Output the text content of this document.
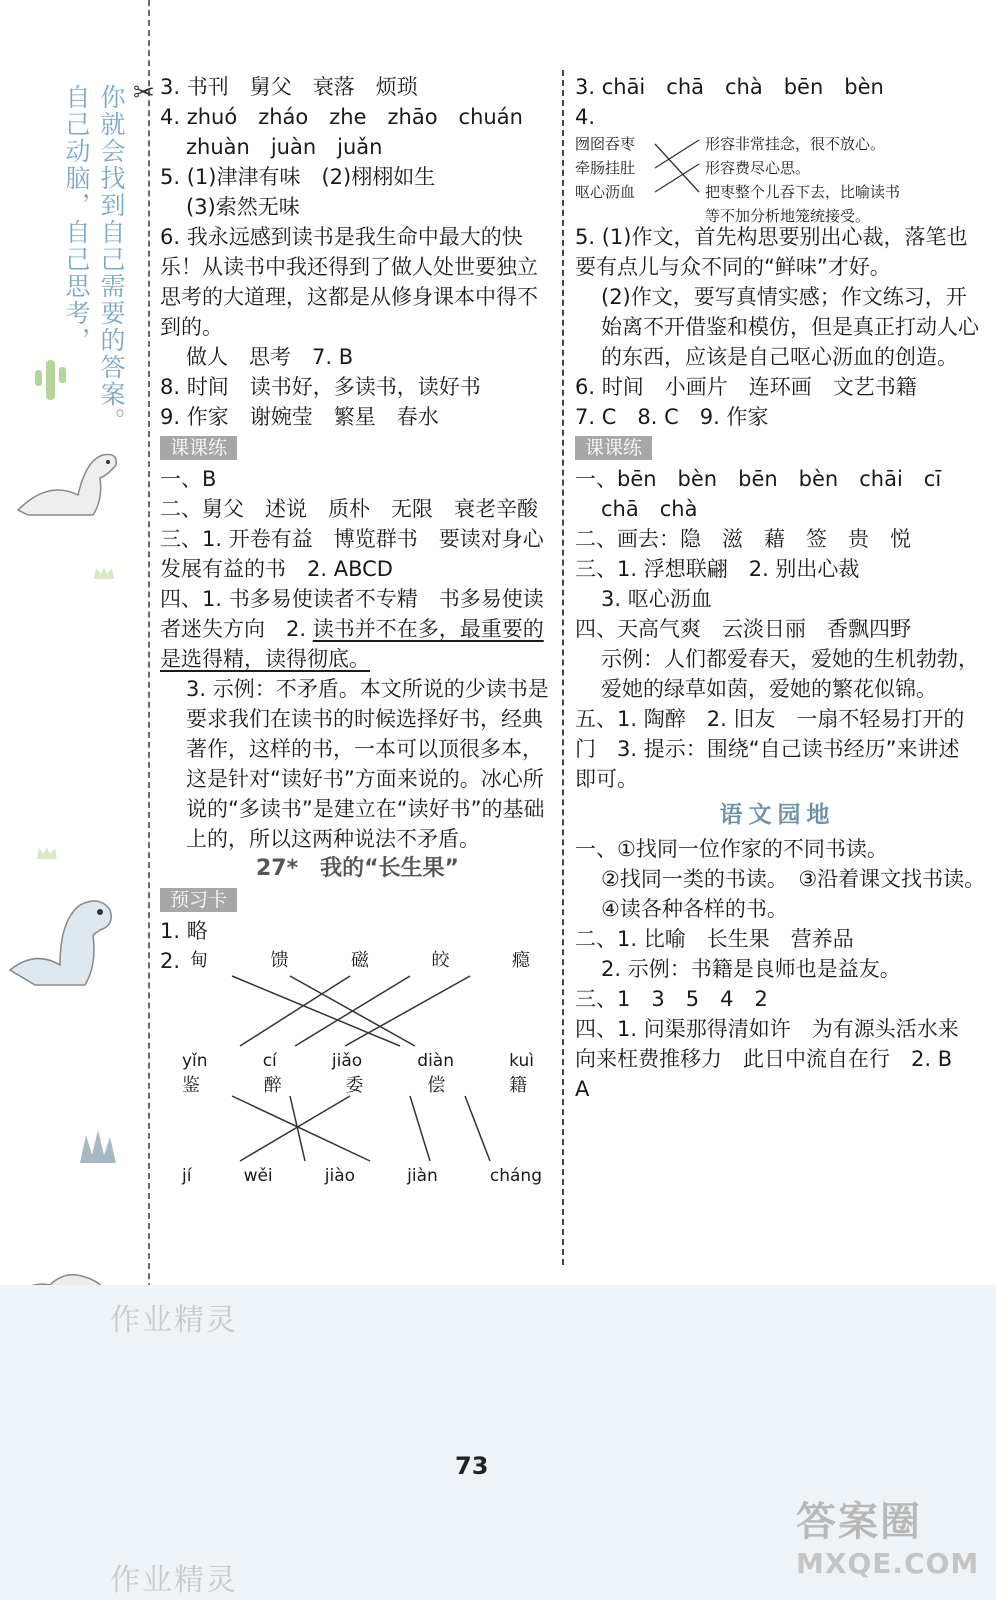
✂
你就会找到自己需要的答案。
自己动脑，自己思考，
作业精灵
作业精灵
3. 书刊　舅父　衰落　烦琐
4. zhuó　zháo　zhe　zhāo　chuán
zhuàn　juàn　juǎn
5. (1)津津有味　(2)栩栩如生
(3)索然无味
6. 我永远感到读书是我生命中最大的快乐！从读书中我还得到了做人处世要独立思考的大道理，这都是从修身课本中得不到的。
做人　思考　7. B
8. 时间　读书好，多读书，读好书
9. 作家　谢婉莹　繁星　春水
课课练
一、B
二、舅父　述说　质朴　无限　衰老辛酸
三、1. 开卷有益　博览群书　要读对身心发展有益的书　2. ABCD
四、1. 书多易使读者不专精　书多易使读者迷失方向　2. 读书并不在多，最重要的是选得精，读得彻底。
3. 示例：不矛盾。本文所说的少读书是要求我们在读书的时候选择好书，经典著作，这样的书，一本可以顶很多本，这是针对“读好书”方面来说的。冰心所说的“多读书”是建立在“读好书”的基础上的，所以这两种说法不矛盾。
27*　我的“长生果”
预习卡
1. 略
2. 甸	馈	磁	皎	瘾
yǐn	cí	jiǎo	diàn	kuì
鉴	醉	委	偿	籍
jí	wěi	jiào	jiàn	cháng
3. chāi　chā　chà　bēn　bèn
4.
囫囵吞枣
牵肠挂肚
呕心沥血
形容非常挂念，很不放心。
形容费尽心思。
把枣整个儿吞下去，比喻读书
等不加分析地笼统接受。
5. (1)作文，首先构思要别出心裁，落笔也要有点儿与众不同的“鲜味”才好。
(2)作文，要写真情实感；作文练习，开始离不开借鉴和模仿，但是真正打动人心的东西，应该是自己呕心沥血的创造。
6. 时间　小画片　连环画　文艺书籍
7. C　8. C　9. 作家
课课练
一、bēn　bèn　bēn　bèn　chāi　cī
chā　chà
二、画去：隐　滋　藉　签　贵　悦
三、1. 浮想联翩　2. 别出心裁
3. 呕心沥血
四、天高气爽　云淡日丽　香飘四野
示例：人们都爱春天，爱她的生机勃勃，爱她的绿草如茵，爱她的繁花似锦。
五、1. 陶醉　2. 旧友　一扇不轻易打开的门　3. 提示：围绕“自己读书经历”来讲述即可。
语文园地
一、①找同一位作家的不同书读。
②找同一类的书读。　③沿着课文找书读。　④读各种各样的书。
二、1. 比喻　长生果　营养品
2. 示例：书籍是良师也是益友。
三、1　3　5　4　2
四、1. 问渠那得清如许　为有源头活水来　向来枉费推移力　此日中流自在行　2. B　A
73
答案圈
MXQE.COM
